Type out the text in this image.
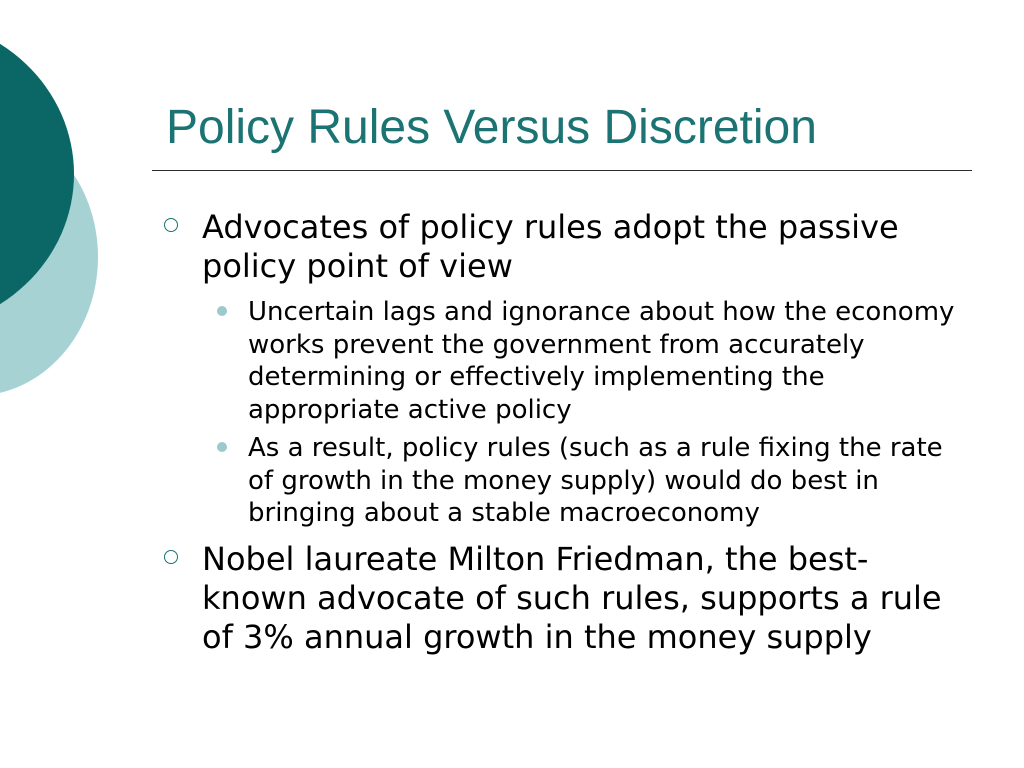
Policy Rules Versus Discretion
Advocates of policy rules adopt the passive policy point of view
Uncertain lags and ignorance about how the economy works prevent the government from accurately determining or effectively implementing the appropriate active policy
As a result, policy rules (such as a rule fixing the rate of growth in the money supply) would do best in bringing about a stable macroeconomy
Nobel laureate Milton Friedman, the best-known advocate of such rules, supports a rule of 3% annual growth in the money supply
